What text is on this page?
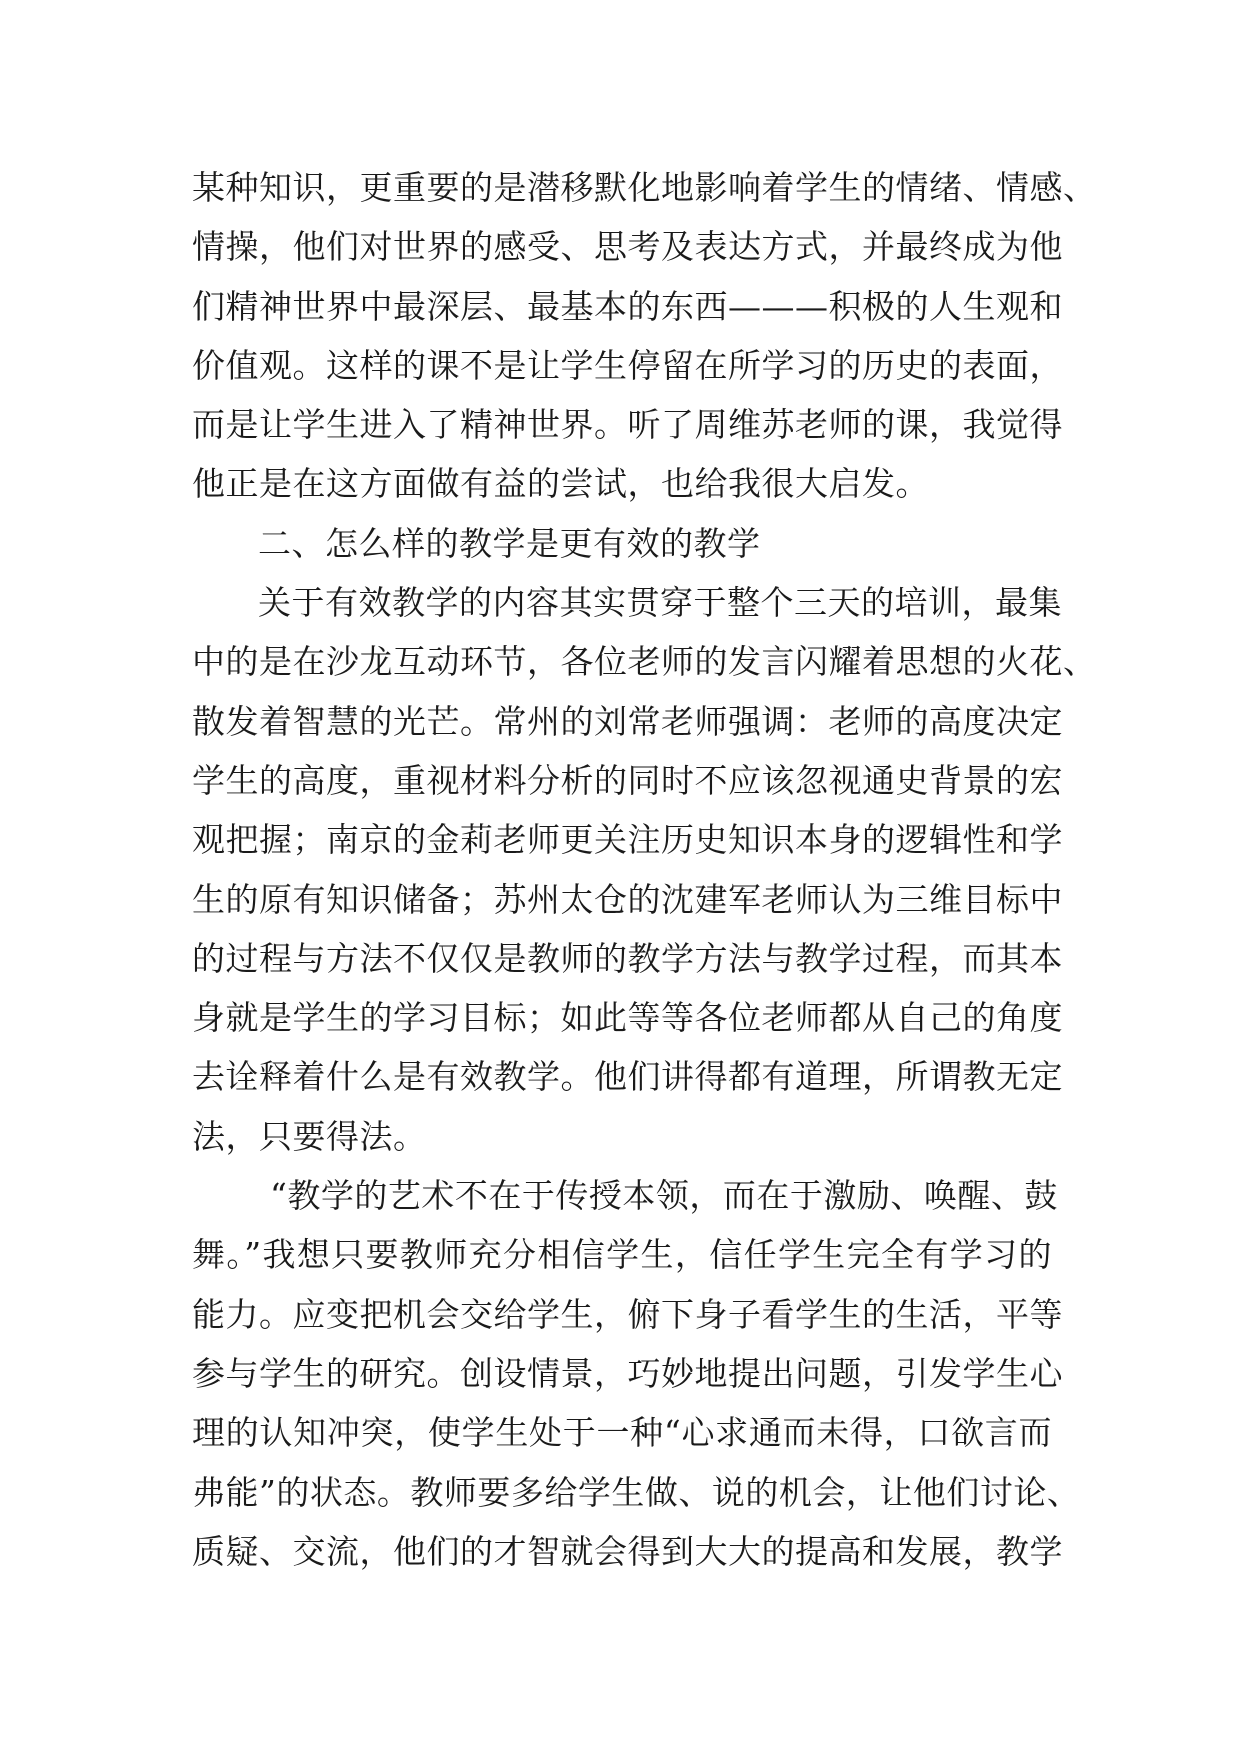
某种知识，更重要的是潜移默化地影响着学生的情绪、情感、
情操，他们对世界的感受、思考及表达方式，并最终成为他
们精神世界中最深层、最基本的东西———积极的人生观和
价值观。这样的课不是让学生停留在所学习的历史的表面，
而是让学生进入了精神世界。听了周维苏老师的课，我觉得
他正是在这方面做有益的尝试，也给我很大启发。
二、怎么样的教学是更有效的教学
关于有效教学的内容其实贯穿于整个三天的培训，最集
中的是在沙龙互动环节，各位老师的发言闪耀着思想的火花、
散发着智慧的光芒。常州的刘常老师强调：老师的高度决定
学生的高度，重视材料分析的同时不应该忽视通史背景的宏
观把握；南京的金莉老师更关注历史知识本身的逻辑性和学
生的原有知识储备；苏州太仓的沈建军老师认为三维目标中
的过程与方法不仅仅是教师的教学方法与教学过程，而其本
身就是学生的学习目标；如此等等各位老师都从自己的角度
去诠释着什么是有效教学。他们讲得都有道理，所谓教无定
法，只要得法。
“教学的艺术不在于传授本领，而在于激励、唤醒、鼓
舞。”我想只要教师充分相信学生，信任学生完全有学习的
能力。应变把机会交给学生，俯下身子看学生的生活，平等
参与学生的研究。创设情景，巧妙地提出问题，引发学生心
理的认知冲突，使学生处于一种“心求通而未得，口欲言而
弗能”的状态。教师要多给学生做、说的机会，让他们讨论、
质疑、交流，他们的才智就会得到大大的提高和发展，教学
